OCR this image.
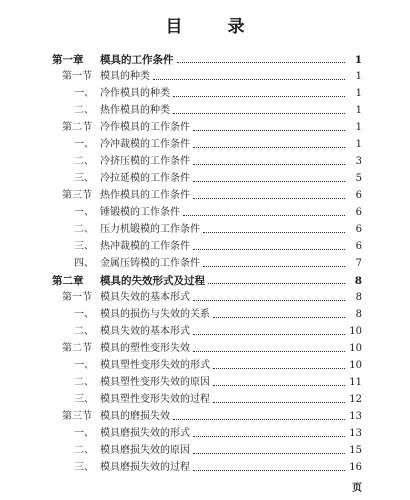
目　录
第一章	模具的工作条件	1
第一节 模具的种类	1
一、 冷作模具的种类	1
二、 热作模具的种类	1
第二节 冷作模具的工作条件	1
一、 冷冲裁模的工作条件	1
二、 冷挤压模的工作条件	3
三、 冷拉延模的工作条件	5
第三节 热作模具的工作条件	6
一、 锤锻模的工作条件	6
二、 压力机锻模的工作条件	6
三、 热冲裁模的工作条件	6
四、 金属压铸模的工作条件	7
第二章	模具的失效形式及过程	8
第一节 模具失效的基本形式	8
一、 模具的损伤与失效的关系	8
二、 模具失效的基本形式	10
第二节 模具的塑性变形失效	10
一、 模具塑性变形失效的形式	10
二、 模具塑性变形失效的原因	11
三、 模具塑性变形失效的过程	12
第三节 模具的磨损失效	13
一、 模具磨损失效的形式	13
二、 模具磨损失效的原因	15
三、 模具磨损失效的过程	16
页
